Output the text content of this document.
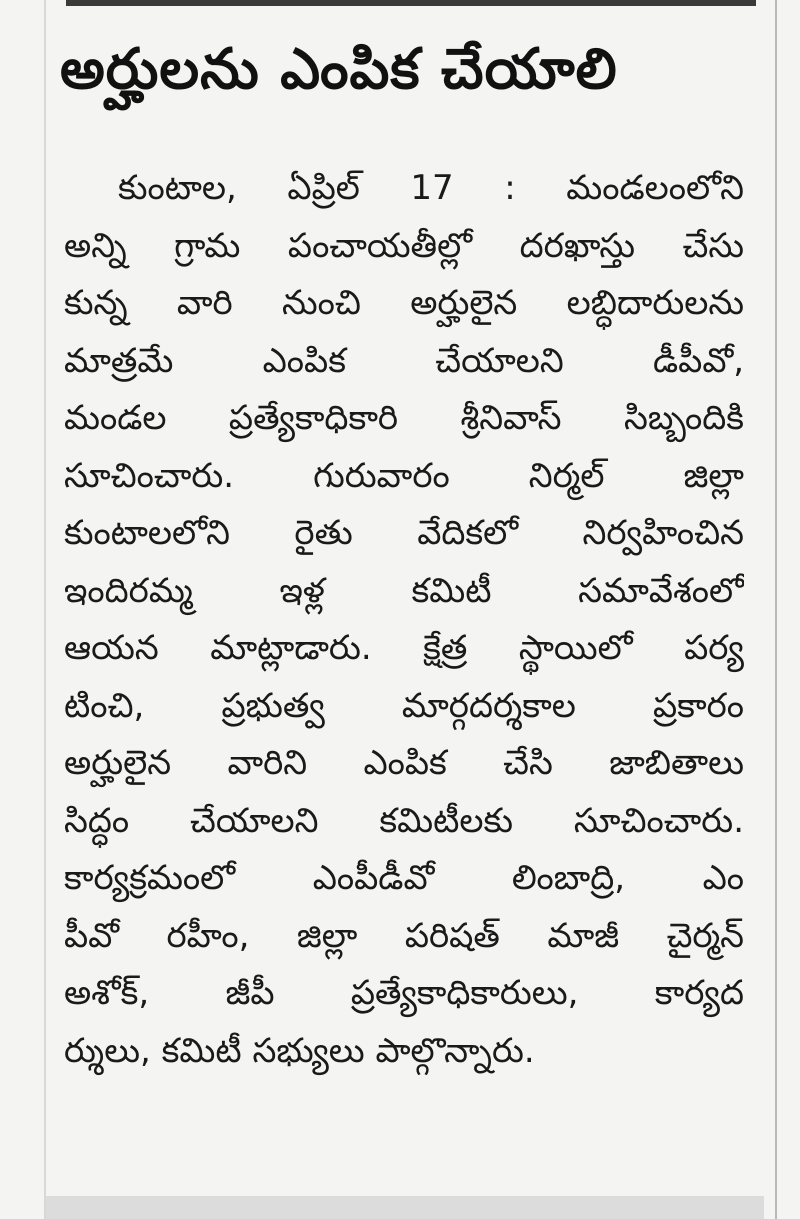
అర్హులను ఎంపిక చేయాలి
కుంటాల, ఏప్రిల్ 17 : మండలంలోని
అన్ని గ్రామ పంచాయతీల్లో దరఖాస్తు చేసు
కున్న వారి నుంచి అర్హులైన లబ్ధిదారులను
మాత్రమే ఎంపిక చేయాలని డీపీవో,
మండల ప్రత్యేకాధికారి శ్రీనివాస్ సిబ్బందికి
సూచించారు. గురువారం నిర్మల్ జిల్లా
కుంటాలలోని రైతు వేదికలో నిర్వహించిన
ఇందిరమ్మ ఇళ్ల కమిటీ సమావేశంలో
ఆయన మాట్లాడారు. క్షేత్ర స్థాయిలో పర్య
టించి, ప్రభుత్వ మార్గదర్శకాల ప్రకారం
అర్హులైన వారిని ఎంపిక చేసి జాబితాలు
సిద్ధం చేయాలని కమిటీలకు సూచించారు.
కార్యక్రమంలో ఎంపీడీవో లింబాద్రి, ఎం
పీవో రహీం, జిల్లా పరిషత్ మాజీ చైర్మన్
అశోక్, జీపీ ప్రత్యేకాధికారులు, కార్యద
ర్శులు, కమిటీ సభ్యులు పాల్గొన్నారు.
